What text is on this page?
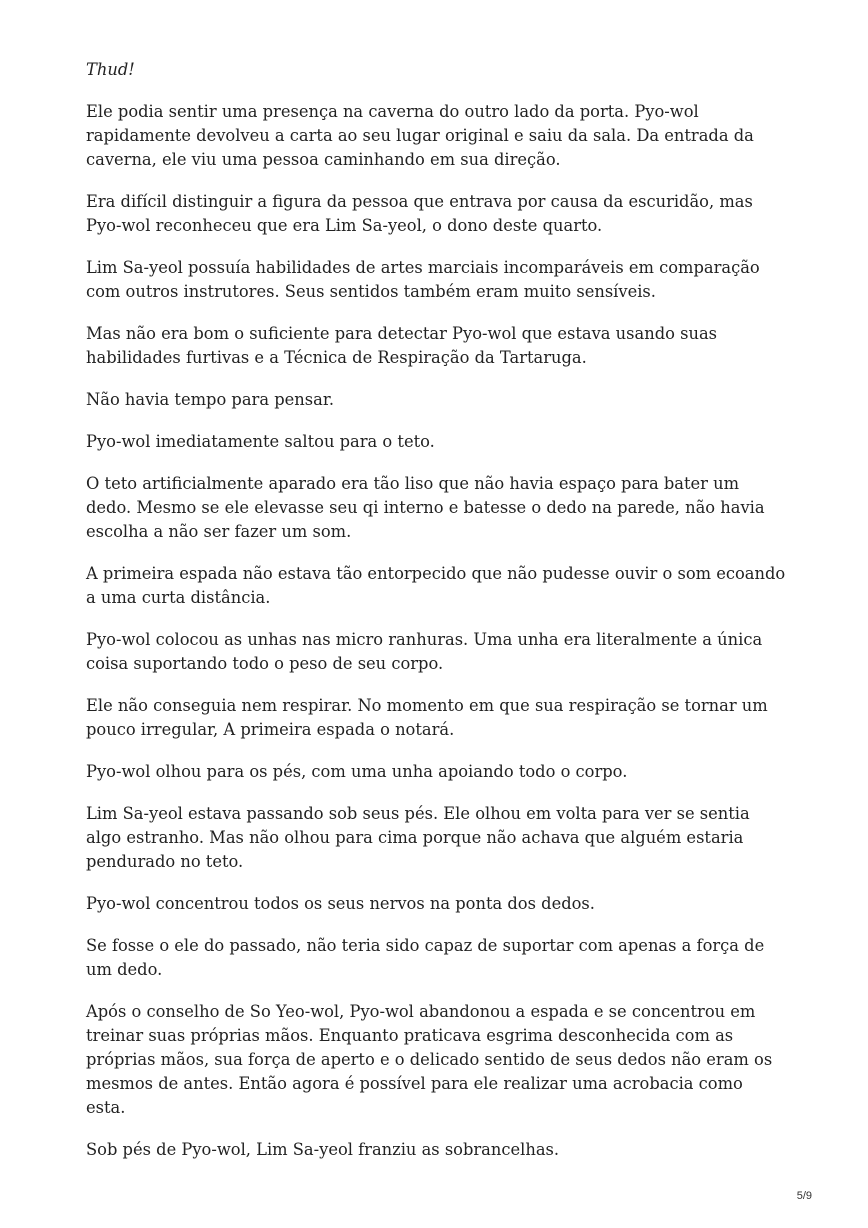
Thud!

Ele podia sentir uma presença na caverna do outro lado da porta. Pyo-wol rapidamente devolveu a carta ao seu lugar original e saiu da sala. Da entrada da caverna, ele viu uma pessoa caminhando em sua direção.

Era difícil distinguir a figura da pessoa que entrava por causa da escuridão, mas Pyo-wol reconheceu que era Lim Sa-yeol, o dono deste quarto.

Lim Sa-yeol possuía habilidades de artes marciais incomparáveis em comparação com outros instrutores. Seus sentidos também eram muito sensíveis.

Mas não era bom o suficiente para detectar Pyo-wol que estava usando suas habilidades furtivas e a Técnica de Respiração da Tartaruga.

Não havia tempo para pensar.

Pyo-wol imediatamente saltou para o teto.

O teto artificialmente aparado era tão liso que não havia espaço para bater um dedo. Mesmo se ele elevasse seu qi interno e batesse o dedo na parede, não havia escolha a não ser fazer um som.

A primeira espada não estava tão entorpecido que não pudesse ouvir o som ecoando a uma curta distância.

Pyo-wol colocou as unhas nas micro ranhuras. Uma unha era literalmente a única coisa suportando todo o peso de seu corpo.

Ele não conseguia nem respirar. No momento em que sua respiração se tornar um pouco irregular, A primeira espada o notará.

Pyo-wol olhou para os pés, com uma unha apoiando todo o corpo.

Lim Sa-yeol estava passando sob seus pés. Ele olhou em volta para ver se sentia algo estranho. Mas não olhou para cima porque não achava que alguém estaria pendurado no teto.

Pyo-wol concentrou todos os seus nervos na ponta dos dedos.

Se fosse o ele do passado, não teria sido capaz de suportar com apenas a força de um dedo.

Após o conselho de So Yeo-wol, Pyo-wol abandonou a espada e se concentrou em treinar suas próprias mãos. Enquanto praticava esgrima desconhecida com as próprias mãos, sua força de aperto e o delicado sentido de seus dedos não eram os mesmos de antes. Então agora é possível para ele realizar uma acrobacia como esta.

Sob pés de Pyo-wol, Lim Sa-yeol franziu as sobrancelhas.

5/9
